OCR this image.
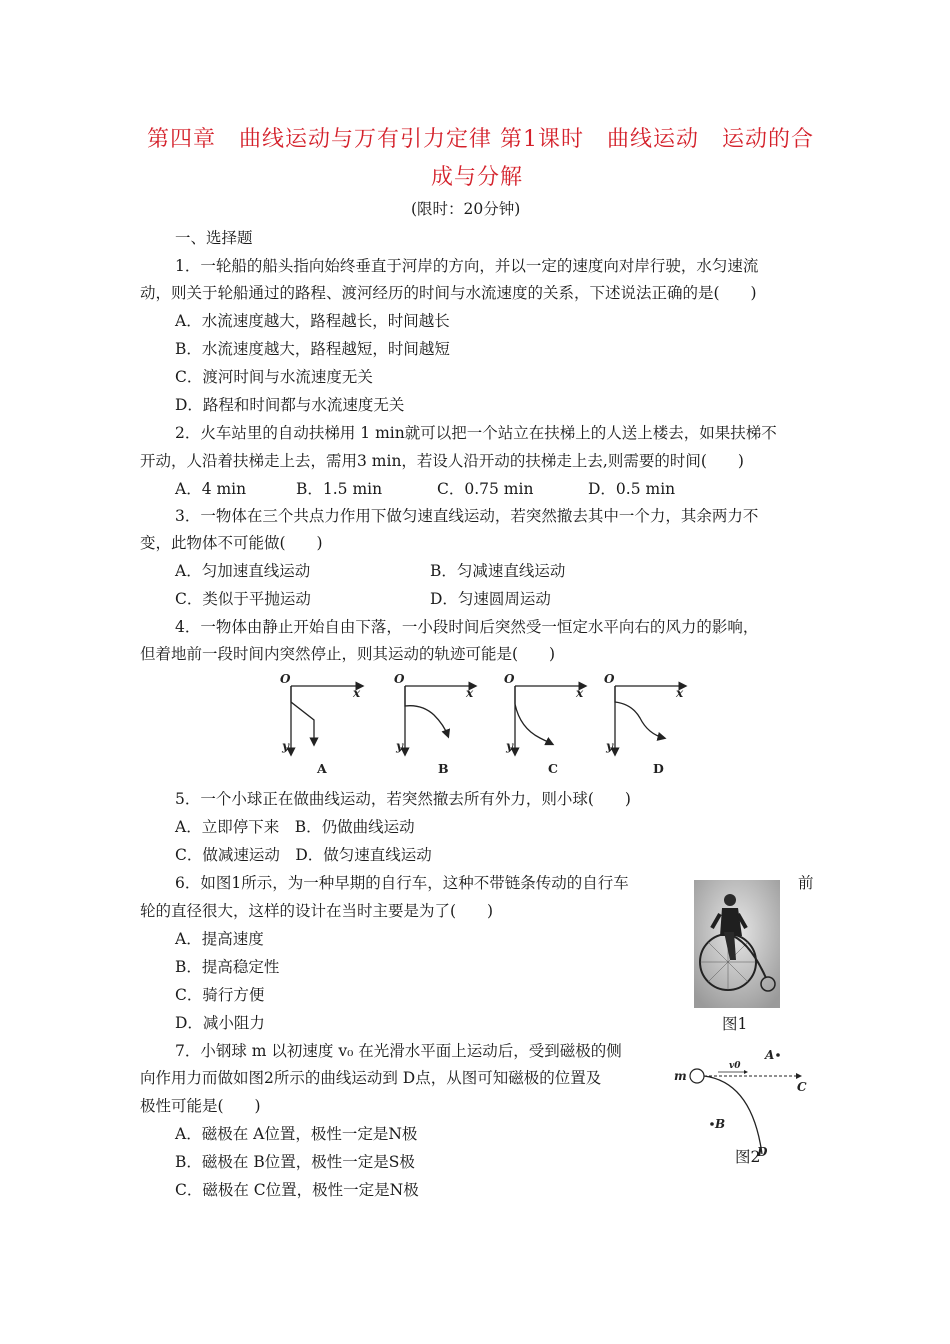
第四章　曲线运动与万有引力定律 第1课时　曲线运动　运动的合
成与分解
(限时：20分钟)
一、选择题
1．一轮船的船头指向始终垂直于河岸的方向，并以一定的速度向对岸行驶，水匀速流
动，则关于轮船通过的路程、渡河经历的时间与水流速度的关系，下述说法正确的是(　　)
A．水流速度越大，路程越长，时间越长
B．水流速度越大，路程越短，时间越短
C．渡河时间与水流速度无关
D．路程和时间都与水流速度无关
2．火车站里的自动扶梯用 1 min就可以把一个站立在扶梯上的人送上楼去，如果扶梯不
开动，人沿着扶梯走上去，需用3 min，若设人沿开动的扶梯走上去,则需要的时间(　　)
A．4 min	B．1.5 min	C．0.75 min	D．0.5 min
3．一物体在三个共点力作用下做匀速直线运动，若突然撤去其中一个力，其余两力不
变，此物体不可能做(　　)
A．匀加速直线运动	B．匀减速直线运动
C．类似于平抛运动	D．匀速圆周运动
4．一物体由静止开始自由下落，一小段时间后突然受一恒定水平向右的风力的影响，
但着地前一段时间内突然停止，则其运动的轨迹可能是(　　)
O
x
y
O
x
y
O
x
y
O
x
y
A	B	C	D
5．一个小球正在做曲线运动，若突然撤去所有外力，则小球(　　)
A．立即停下来　B．仍做曲线运动
C．做减速运动　D．做匀速直线运动
6．如图1所示，为一种早期的自行车，这种不带链条传动的自行车	前
轮的直径很大，这样的设计在当时主要是为了(　　)
A．提高速度
B．提高稳定性
C．骑行方便
D．减小阻力	图1
7．小钢球 m 以初速度 v₀ 在光滑水平面上运动后，受到磁极的侧
向作用力而做如图2所示的曲线运动到 D点，从图可知磁极的位置及
极性可能是(　　)
A．磁极在 A位置，极性一定是N极
B．磁极在 B位置，极性一定是S极
C．磁极在 C位置，极性一定是N极
m
v0
A
C
B
D
图2
